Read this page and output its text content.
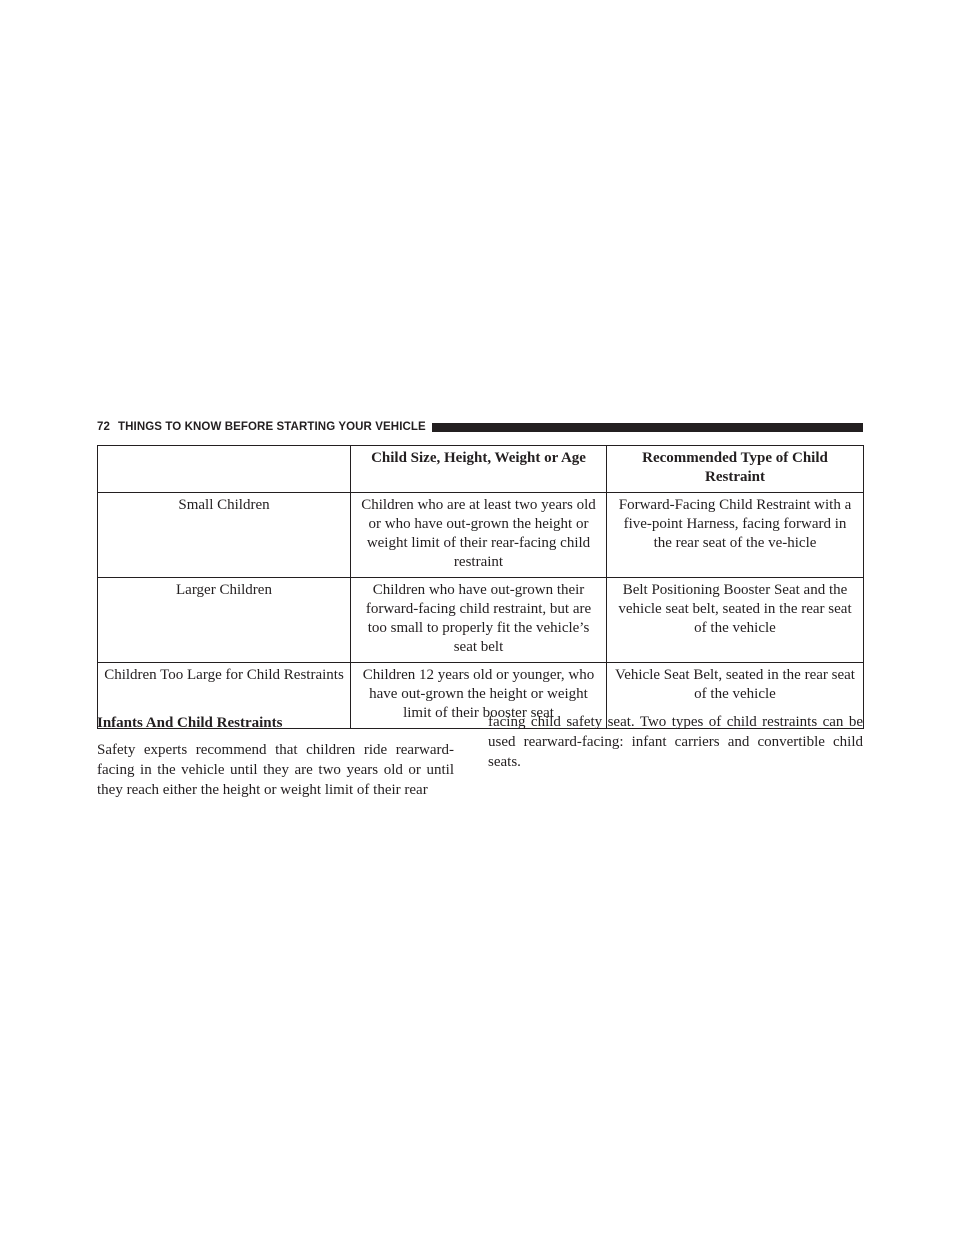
72 THINGS TO KNOW BEFORE STARTING YOUR VEHICLE
	Child Size, Height, Weight or Age	Recommended Type of Child Restraint
Small Children	Children who are at least two years old or who have out-grown the height or weight limit of their rear-facing child restraint	Forward-Facing Child Restraint with a five-point Harness, facing forward in the rear seat of the ve-hicle
Larger Children	Children who have out-grown their forward-facing child restraint, but are too small to properly fit the vehicle’s seat belt	Belt Positioning Booster Seat and the vehicle seat belt, seated in the rear seat of the vehicle
Children Too Large for Child Restraints	Children 12 years old or younger, who have out-grown the height or weight limit of their booster seat	Vehicle Seat Belt, seated in the rear seat of the vehicle
Infants And Child Restraints

Safety experts recommend that children ride rearward-facing in the vehicle until they are two years old or until they reach either the height or weight limit of their rear

facing child safety seat. Two types of child restraints can be used rearward-facing: infant carriers and convertible child seats.
